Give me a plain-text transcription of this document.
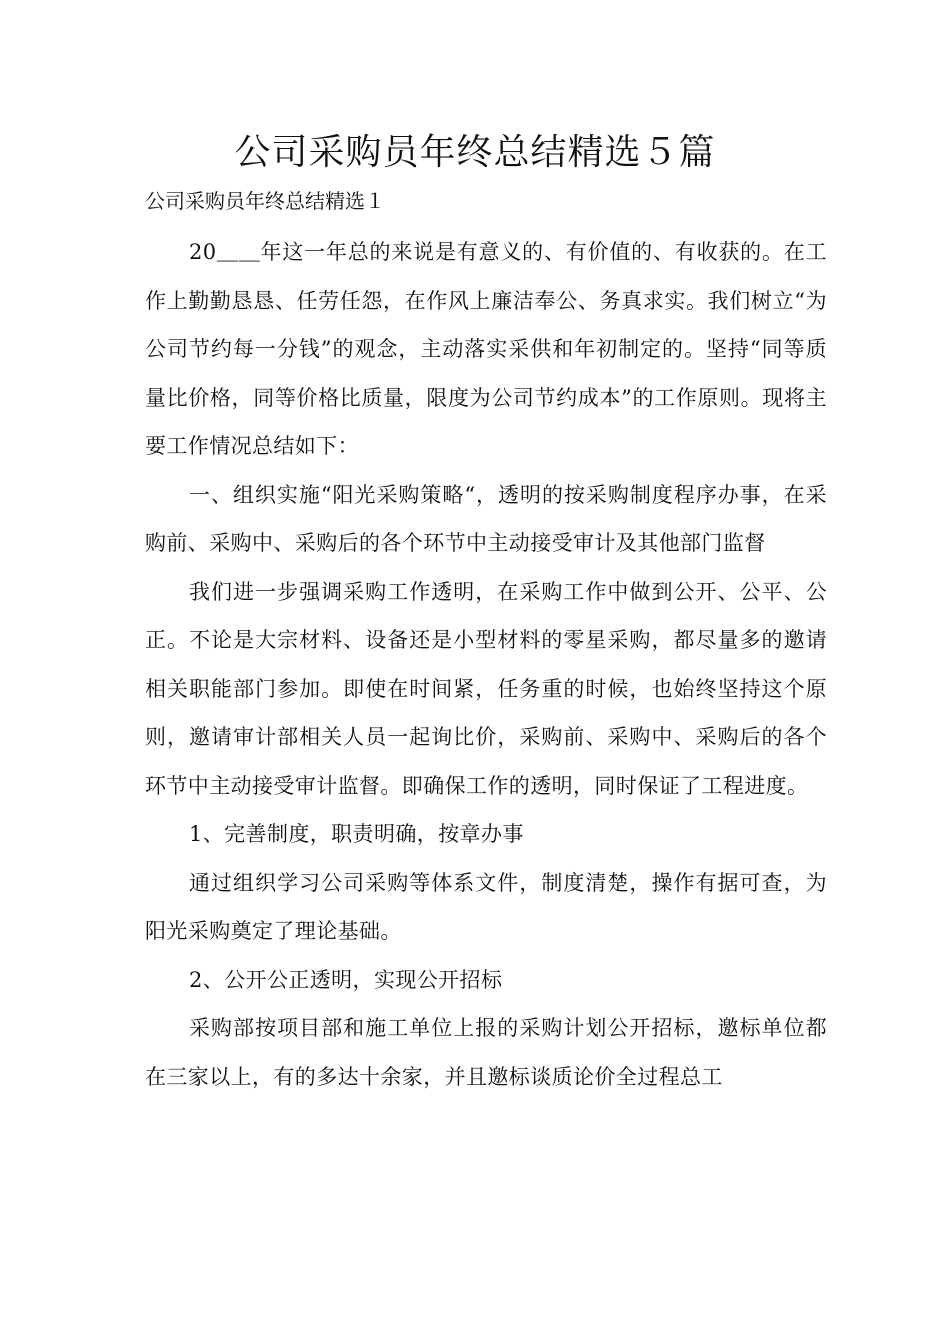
公司采购员年终总结精选５篇

公司采购员年终总结精选１

20＿＿年这一年总的来说是有意义的、有价值的、有收获的。在工作上勤勤恳恳、任劳任怨，在作风上廉洁奉公、务真求实。我们树立“为公司节约每一分钱”的观念，主动落实采供和年初制定的。坚持“同等质量比价格，同等价格比质量，限度为公司节约成本”的工作原则。现将主要工作情况总结如下：

一、组织实施“阳光采购策略“，透明的按采购制度程序办事，在采购前、采购中、采购后的各个环节中主动接受审计及其他部门监督

我们进一步强调采购工作透明，在采购工作中做到公开、公平、公正。不论是大宗材料、设备还是小型材料的零星采购，都尽量多的邀请相关职能部门参加。即使在时间紧，任务重的时候，也始终坚持这个原则，邀请审计部相关人员一起询比价，采购前、采购中、采购后的各个环节中主动接受审计监督。即确保工作的透明，同时保证了工程进度。

1、完善制度，职责明确，按章办事

通过组织学习公司采购等体系文件，制度清楚，操作有据可查，为阳光采购奠定了理论基础。

2、公开公正透明，实现公开招标

采购部按项目部和施工单位上报的采购计划公开招标，邀标单位都在三家以上，有的多达十余家，并且邀标谈质论价全过程总工
